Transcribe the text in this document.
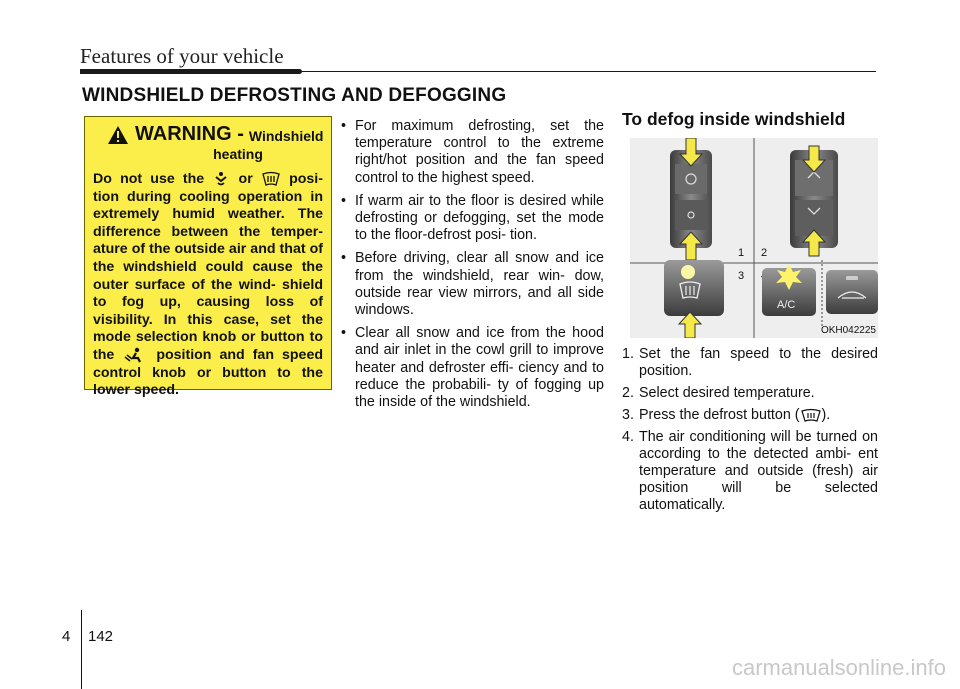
Features of your vehicle
WINDSHIELD DEFROSTING AND DEFOGGING
WARNING - Windshield
heating
Do not use the or	posi- tion during cooling operation in extremely humid weather. The difference between the temper- ature of the outside air and that of the windshield could cause the outer surface of the wind- shield to fog up, causing loss of visibility. In this case, set the mode selection knob or button to the	position and fan speed control knob or button to the lower speed.
• For maximum defrosting, set the temperature control to the extreme right/hot position and the fan speed control to the highest speed.
• If warm air to the floor is desired while defrosting or defogging, set the mode to the floor-defrost posi- tion.
• Before driving, clear all snow and ice from the windshield, rear win- dow, outside rear view mirrors, and all side windows.
• Clear all snow and ice from the hood and air inlet in the cowl grill to improve heater and defroster effi- ciency and to reduce the probabili- ty of fogging up the inside of the windshield.
To defog inside windshield
1 2
3
A/C
OKH042225
1. Set the fan speed to the desired position.
2. Select desired temperature.
3. Press the defrost button ( ).
4. The air conditioning will be turned on according to the detected ambi- ent temperature and outside (fresh) air position will be selected automatically.
4 142
carmanualsonline.info
